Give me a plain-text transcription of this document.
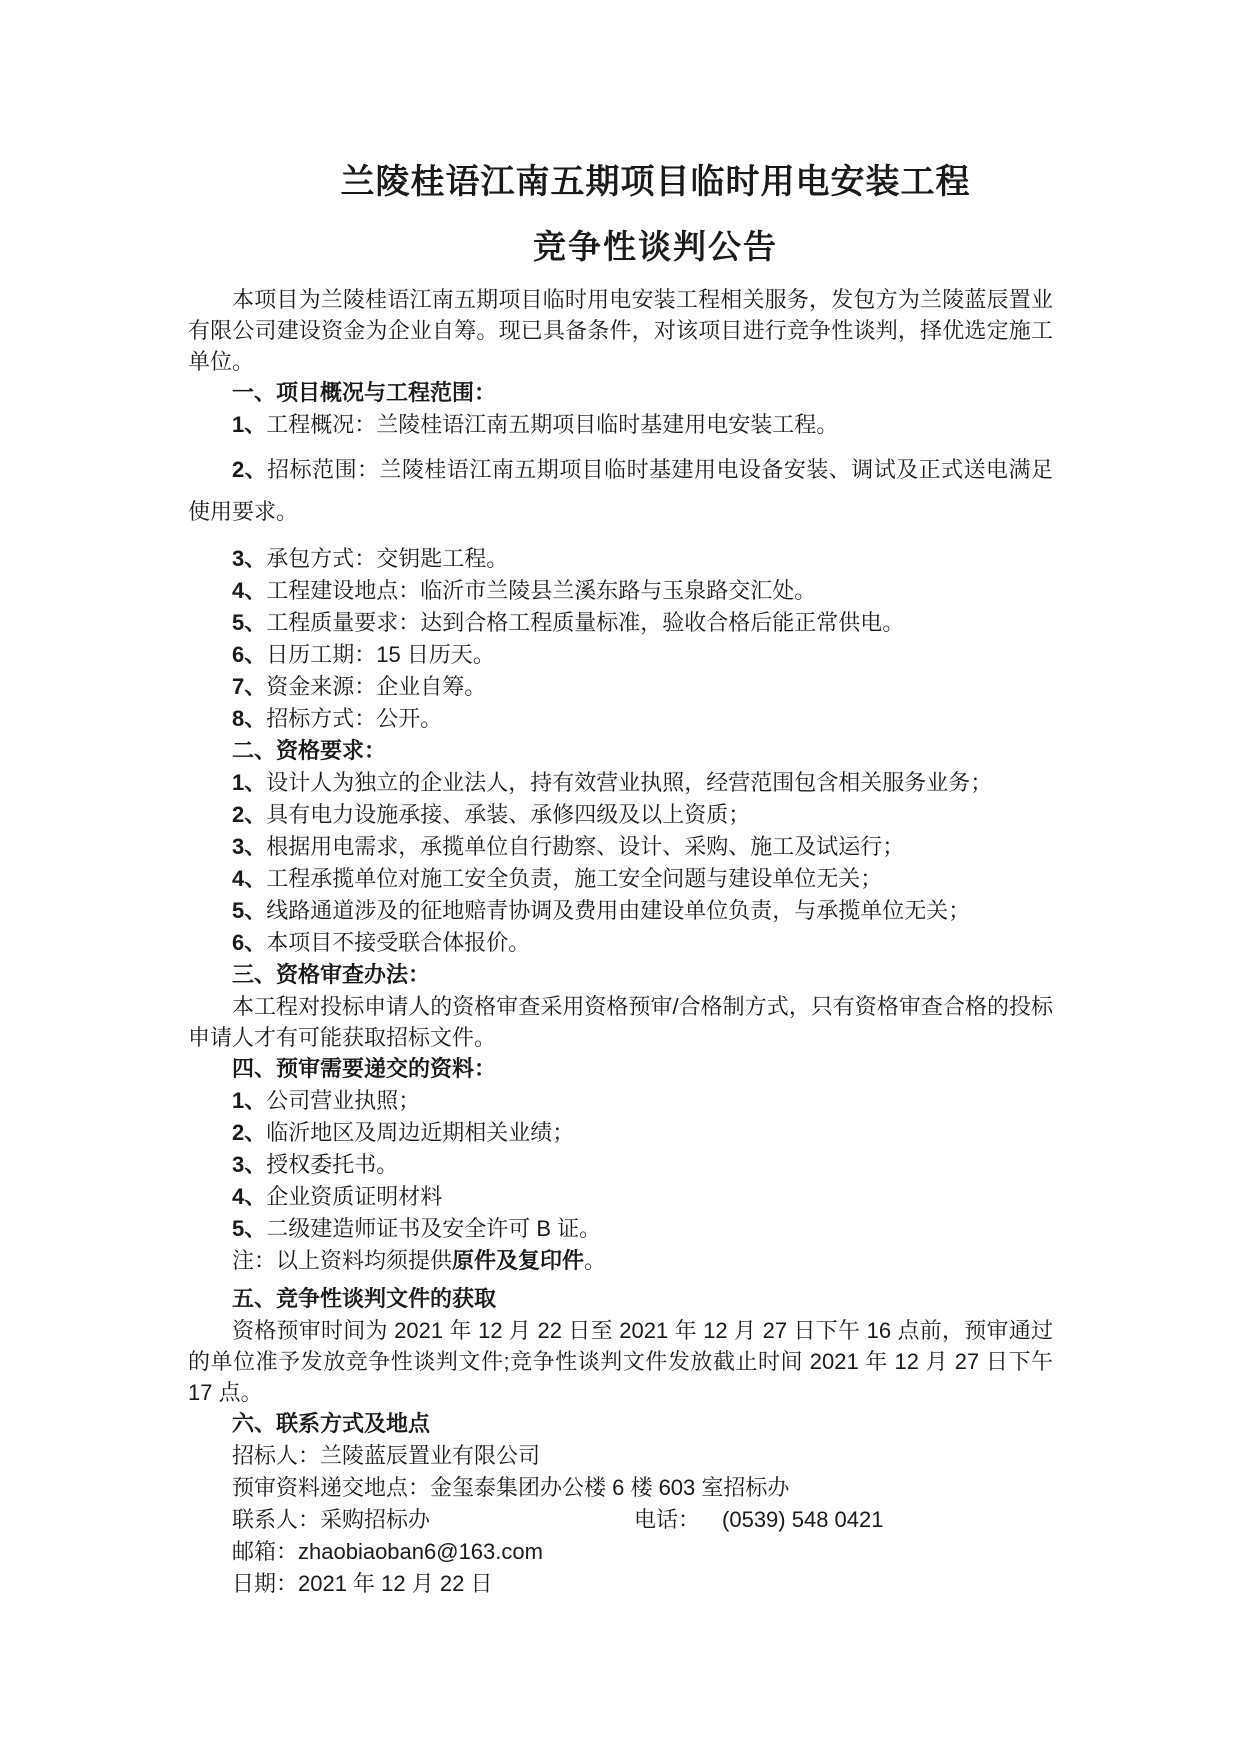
兰陵桂语江南五期项目临时用电安装工程
竞争性谈判公告

本项目为兰陵桂语江南五期项目临时用电安装工程相关服务，发包方为兰陵蓝辰置业有限公司建设资金为企业自筹。现已具备条件，对该项目进行竞争性谈判，择优选定施工单位。

一、项目概况与工程范围：

1、工程概况：兰陵桂语江南五期项目临时基建用电安装工程。

2、招标范围：兰陵桂语江南五期项目临时基建用电设备安装、调试及正式送电满足使用要求。

3、承包方式：交钥匙工程。

4、工程建设地点：临沂市兰陵县兰溪东路与玉泉路交汇处。

5、工程质量要求：达到合格工程质量标准，验收合格后能正常供电。

6、日历工期：15 日历天。

7、资金来源：企业自筹。

8、招标方式：公开。

二、资格要求：

1、设计人为独立的企业法人，持有效营业执照，经营范围包含相关服务业务；

2、具有电力设施承接、承装、承修四级及以上资质；

3、根据用电需求，承揽单位自行勘察、设计、采购、施工及试运行；

4、工程承揽单位对施工安全负责，施工安全问题与建设单位无关；

5、线路通道涉及的征地赔青协调及费用由建设单位负责，与承揽单位无关；

6、本项目不接受联合体报价。

三、资格审查办法：

本工程对投标申请人的资格审查采用资格预审/合格制方式，只有资格审查合格的投标申请人才有可能获取招标文件。

四、预审需要递交的资料：

1、公司营业执照；

2、临沂地区及周边近期相关业绩；

3、授权委托书。

4、企业资质证明材料

5、二级建造师证书及安全许可 B 证。

注：以上资料均须提供原件及复印件。

五、竞争性谈判文件的获取

资格预审时间为 2021 年 12 月 22 日至 2021 年 12 月 27 日下午 16 点前，预审通过的单位准予发放竞争性谈判文件;竞争性谈判文件发放截止时间 2021 年 12 月 27 日下午 17 点。

六、联系方式及地点

招标人：兰陵蓝辰置业有限公司

预审资料递交地点：金玺泰集团办公楼 6 楼 603 室招标办

联系人：采购招标办	电话： (0539) 548 0421

邮箱：zhaobiaoban6@163.com

日期：2021 年 12 月 22 日
